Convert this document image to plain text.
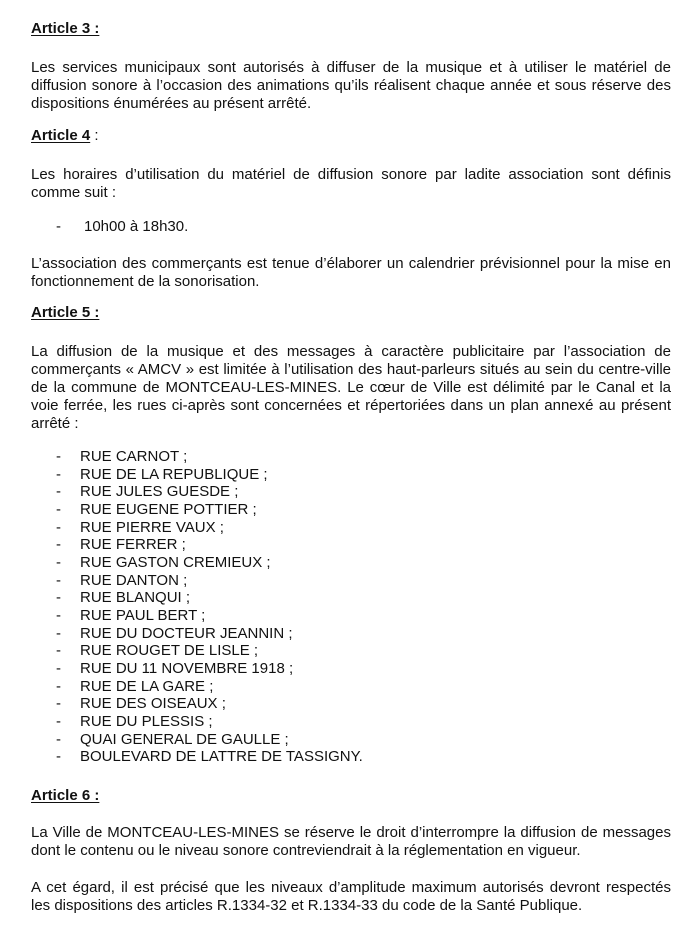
Article 3 :
Les services municipaux sont autorisés à diffuser de la musique et à utiliser le matériel de
diffusion sonore à l’occasion des animations qu’ils réalisent chaque année et sous réserve des
dispositions énumérées au présent arrêté.
Article 4 :
Les horaires d’utilisation du matériel de diffusion sonore par ladite association sont définis
comme suit :
- 10h00 à 18h30.
L’association des commerçants est tenue d’élaborer un calendrier prévisionnel pour la mise en
fonctionnement de la sonorisation.
Article 5 :
La diffusion de la musique et des messages à caractère publicitaire par l’association de
commerçants « AMCV » est limitée à l’utilisation des haut-parleurs situés au sein du centre-ville
de la commune de MONTCEAU-LES-MINES. Le cœur de Ville est délimité par le Canal et la
voie ferrée, les rues ci-après sont concernées et répertoriées dans un plan annexé au présent
arrêté :
- RUE CARNOT ;
- RUE DE LA REPUBLIQUE ;
- RUE JULES GUESDE ;
- RUE EUGENE POTTIER ;
- RUE PIERRE VAUX ;
- RUE FERRER ;
- RUE GASTON CREMIEUX ;
- RUE DANTON ;
- RUE BLANQUI ;
- RUE PAUL BERT ;
- RUE DU DOCTEUR JEANNIN ;
- RUE ROUGET DE LISLE ;
- RUE DU 11 NOVEMBRE 1918 ;
- RUE DE LA GARE ;
- RUE DES OISEAUX ;
- RUE DU PLESSIS ;
- QUAI GENERAL DE GAULLE ;
- BOULEVARD DE LATTRE DE TASSIGNY.
Article 6 :
La Ville de MONTCEAU-LES-MINES se réserve le droit d’interrompre la diffusion de messages
dont le contenu ou le niveau sonore contreviendrait à la réglementation en vigueur.
A cet égard, il est précisé que les niveaux d’amplitude maximum autorisés devront respectés
les dispositions des articles R.1334-32 et R.1334-33 du code de la Santé Publique.
